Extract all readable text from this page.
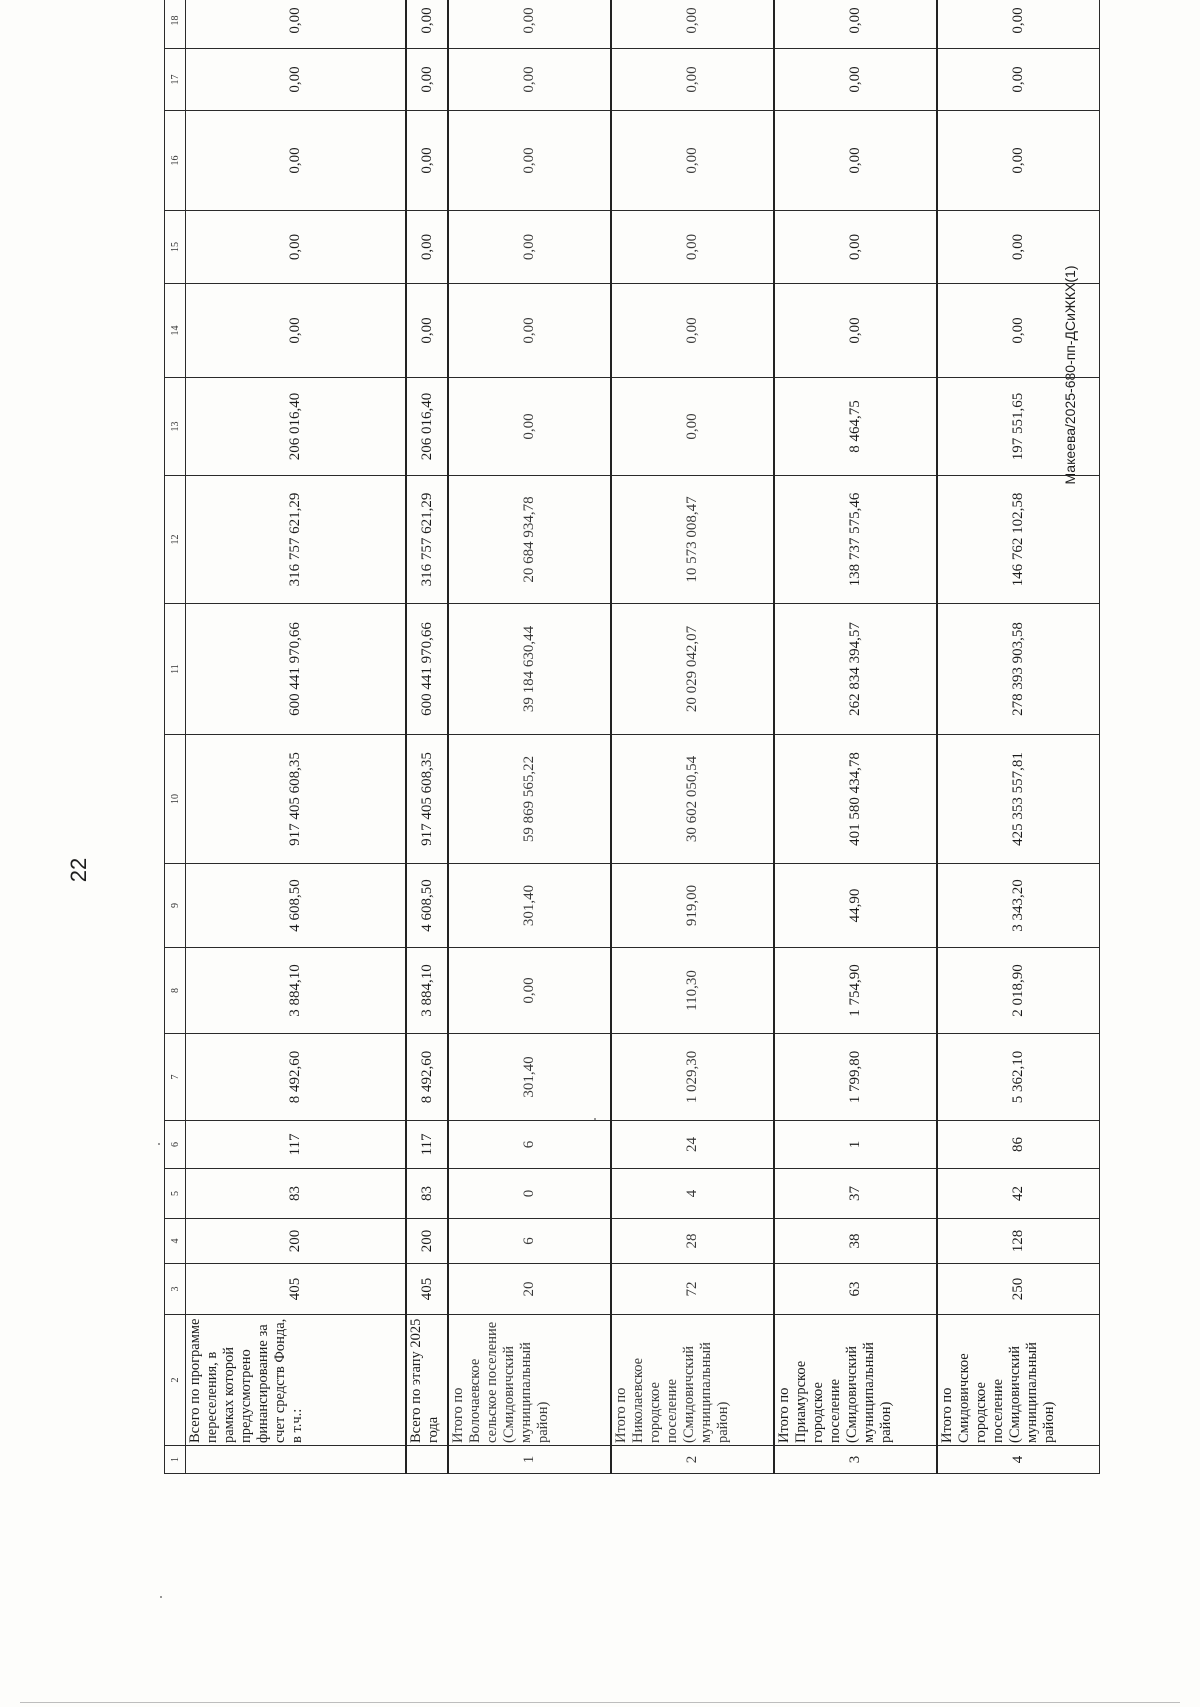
22
Макеева/2025-680-пп-ДСиЖКХ(1)
1	2	3	4	5	6	7	8	9	10	11	12	13	14	15	16	17	18	
	Всего по программе переселения, в рамках которой предусмотрено финансирование за счет средств Фонда, в т.ч.:	405	200	83	117	8 492,60	3 884,10	4 608,50	917 405 608,35	600 441 970,66	316 757 621,29	206 016,40	0,00	0,00	0,00	0,00	0,00	
	Всего по этапу 2025 года	405	200	83	117	8 492,60	3 884,10	4 608,50	917 405 608,35	600 441 970,66	316 757 621,29	206 016,40	0,00	0,00	0,00	0,00	0,00	
1	Итого по Волочаевское сельское поселение (Смидовичский муниципальный район)	20	6	0	6	301,40	0,00	301,40	59 869 565,22	39 184 630,44	20 684 934,78	0,00	0,00	0,00	0,00	0,00	0,00	
2	Итого по Николаевское городское поселение (Смидовичский муниципальный район)	72	28	4	24	1 029,30	110,30	919,00	30 602 050,54	20 029 042,07	10 573 008,47	0,00	0,00	0,00	0,00	0,00	0,00	
3	Итого по Приамурское городское поселение (Смидовичский муниципальный район)	63	38	37	1	1 799,80	1 754,90	44,90	401 580 434,78	262 834 394,57	138 737 575,46	8 464,75	0,00	0,00	0,00	0,00	0,00	
4	Итого по Смидовичское городское поселение (Смидовичский муниципальный район)	250	128	42	86	5 362,10	2 018,90	3 343,20	425 353 557,81	278 393 903,58	146 762 102,58	197 551,65	0,00	0,00	0,00	0,00	0,00	
